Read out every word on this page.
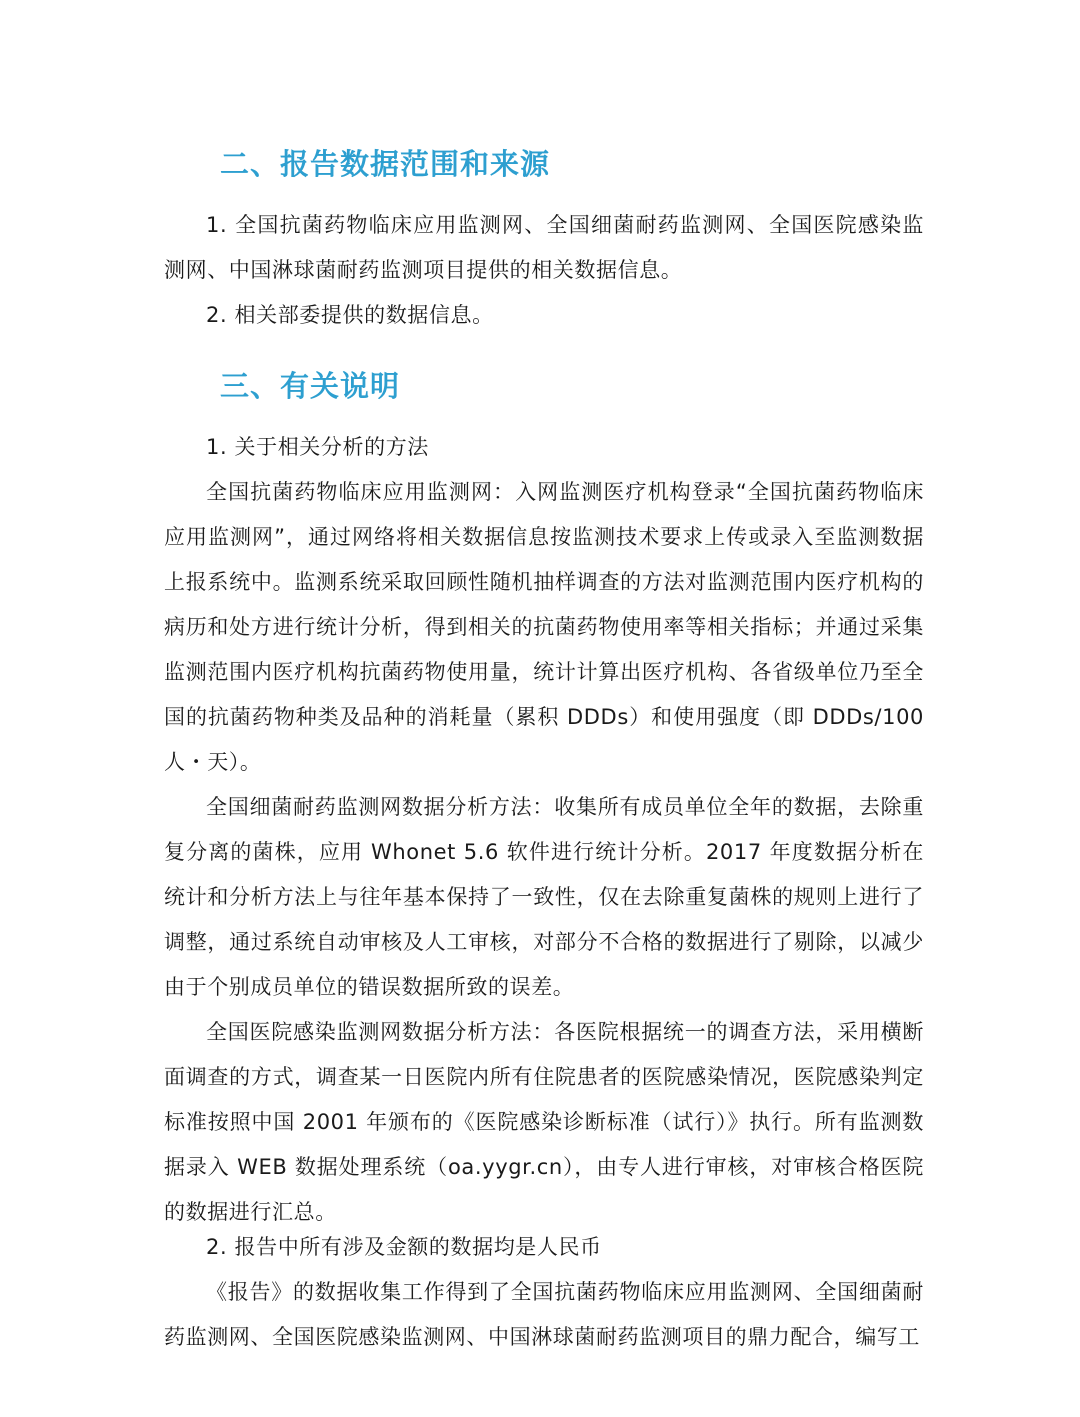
二、报告数据范围和来源

1. 全国抗菌药物临床应用监测网、全国细菌耐药监测网、全国医院感染监测网、中国淋球菌耐药监测项目提供的相关数据信息。

2. 相关部委提供的数据信息。

三、有关说明

1. 关于相关分析的方法

全国抗菌药物临床应用监测网：入网监测医疗机构登录“全国抗菌药物临床应用监测网”，通过网络将相关数据信息按监测技术要求上传或录入至监测数据上报系统中。监测系统采取回顾性随机抽样调查的方法对监测范围内医疗机构的病历和处方进行统计分析，得到相关的抗菌药物使用率等相关指标；并通过采集监测范围内医疗机构抗菌药物使用量，统计计算出医疗机构、各省级单位乃至全国的抗菌药物种类及品种的消耗量（累积 DDDs）和使用强度（即 DDDs/100人・天）。

全国细菌耐药监测网数据分析方法：收集所有成员单位全年的数据，去除重复分离的菌株，应用 Whonet 5.6 软件进行统计分析。2017 年度数据分析在统计和分析方法上与往年基本保持了一致性，仅在去除重复菌株的规则上进行了调整，通过系统自动审核及人工审核，对部分不合格的数据进行了剔除，以减少由于个别成员单位的错误数据所致的误差。

全国医院感染监测网数据分析方法：各医院根据统一的调查方法，采用横断面调查的方式，调查某一日医院内所有住院患者的医院感染情况，医院感染判定标准按照中国 2001 年颁布的《医院感染诊断标准（试行）》执行。所有监测数据录入 WEB 数据处理系统（oa.yygr.cn），由专人进行审核，对审核合格医院的数据进行汇总。

2. 报告中所有涉及金额的数据均是人民币

《报告》的数据收集工作得到了全国抗菌药物临床应用监测网、全国细菌耐药监测网、全国医院感染监测网、中国淋球菌耐药监测项目的鼎力配合，编写工
